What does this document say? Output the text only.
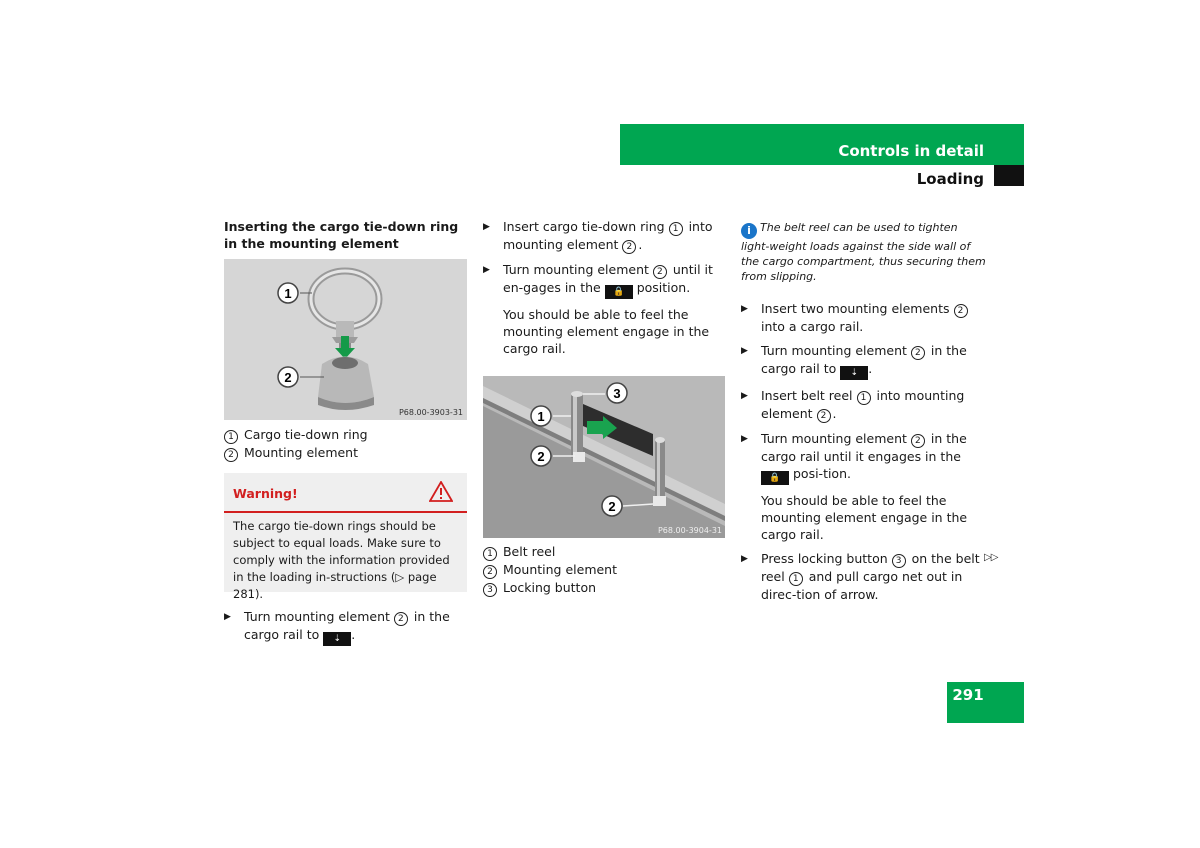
Controls in detail
Loading

Inserting the cargo tie-down ring in the mounting element

1
2
P68.00-3903-31
1 Cargo tie-down ring
2 Mounting element
Warning!
The cargo tie-down rings should be subject to equal loads. Make sure to comply with the information provided in the loading in-structions (▷ page 281).
▶ Turn mounting element 2 in the cargo rail to ⇣ .
▶ Insert cargo tie-down ring 1 into mounting element 2 .
▶ Turn mounting element 2 until it en-gages in the 🔒 position.

You should be able to feel the mounting element engage in the cargo rail.

1
2
3
2
P68.00-3904-31
1 Belt reel
2 Mounting element
3 Locking button

i The belt reel can be used to tighten light-weight loads against the side wall of the cargo compartment, thus securing them from slipping.

▶ Insert two mounting elements 2 into a cargo rail.
▶ Turn mounting element 2 in the cargo rail to ⇣ .
▶ Insert belt reel 1 into mounting element 2 .
▶ Turn mounting element 2 in the cargo rail until it engages in the 🔒 posi-tion.

You should be able to feel the mounting element engage in the cargo rail.

▶ Press locking button 3 on the belt reel 1 and pull cargo net out in direc-tion of arrow.
▷▷
291
